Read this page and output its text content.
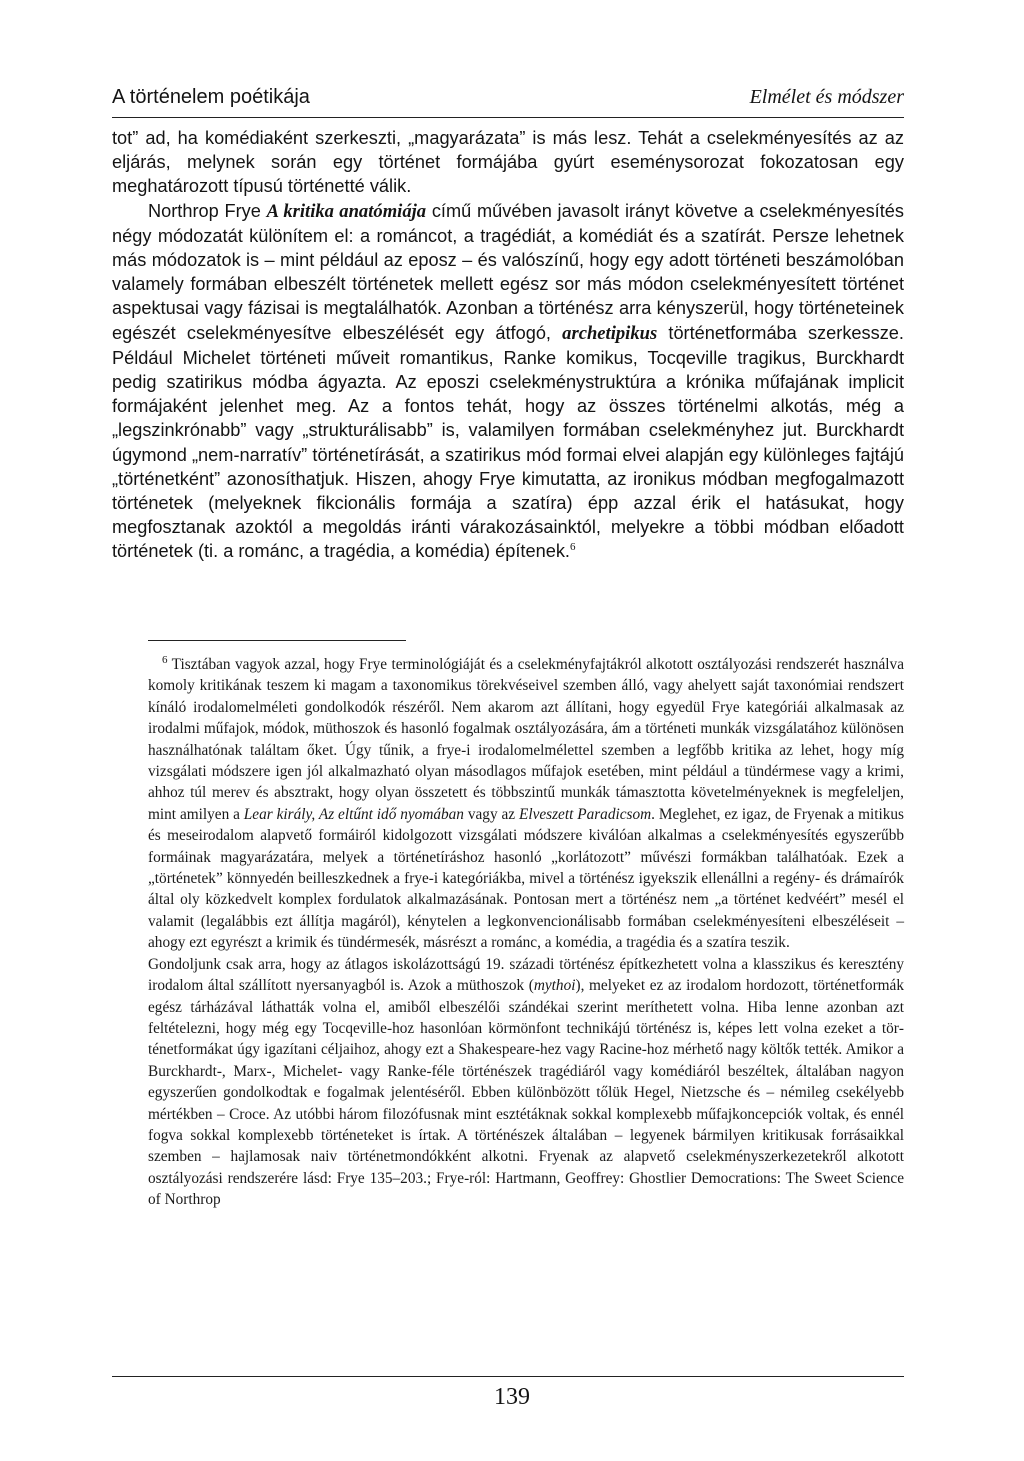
A történelem poétikája	Elmélet és módszer

tot” ad, ha komédiaként szerkeszti, „magyarázata” is más lesz. Tehát a cselekményesítés az az eljárás, melynek során egy történet formájába gyúrt eseménysorozat fokozatosan egy meghatározott típusú történetté válik.

Northrop Frye A kritika anatómiája című művében javasolt irányt követve a cselekményesítés négy módozatát különítem el: a románcot, a tragédiát, a komédiát és a szatírát. Persze lehetnek más módozatok is – mint például az eposz – és valószínű, hogy egy adott történeti beszámolóban valamely formában elbeszélt történetek mellett egész sor más módon cselekményesített történet aspektusai vagy fázisai is megtalálhatók. Azonban a történész arra kényszerül, hogy történeteinek egészét cselekményesítve elbeszélését egy átfogó, archetipikus történetformába szerkessze. Például Michelet történeti műveit romantikus, Ranke komikus, Tocqeville tragikus, Burckhardt pedig szatirikus módba ágyazta. Az eposzi cselekménystruktúra a krónika műfajának implicit formájaként jelenhet meg. Az a fontos tehát, hogy az összes történelmi alkotás, még a „legszinkrónabb” vagy „strukturálisabb” is, valamilyen formában cselekményhez jut. Burckhardt úgymond „nem-narratív” történetírását, a szatirikus mód formai elvei alapján egy különleges fajtájú „történetként” azonosíthatjuk. Hiszen, ahogy Frye kimutatta, az ironikus módban megfogalmazott történetek (melyeknek fikcionális formája a szatíra) épp azzal érik el hatásukat, hogy megfosztanak azoktól a megoldás iránti várakozásainktól, melyekre a többi módban előadott történetek (ti. a románc, a tragédia, a komédia) építenek.$^6$

$^6$ Tisztában vagyok azzal, hogy Frye terminológiáját és a cselekményfajtákról alkotott osztályozási rendszerét használva komoly kritikának teszem ki magam a taxonomikus törekvéseivel szemben álló, vagy ahelyett saját taxonómiai rendszert kínáló irodalomelméleti gondolkodók részéről. Nem akarom azt állítani, hogy egyedül Frye kategóriái alkalmasak az irodalmi műfajok, módok, müthoszok és hasonló fogalmak osztályozására, ám a történeti munkák vizsgálatához különösen használhatónak találtam őket. Úgy tűnik, a frye-i irodalomelmélettel szemben a legfőbb kritika az lehet, hogy míg vizsgálati módszere igen jól alkalmazható olyan másodlagos műfajok esetében, mint például a tündérmese vagy a krimi, ahhoz túl merev és absztrakt, hogy olyan összetett és többszintű munkák támasztotta követelményeknek is megfeleljen, mint amilyen a Lear király, Az eltűnt idő nyomában vagy az Elveszett Paradicsom. Meglehet, ez igaz, de Fryenak a mitikus és meseirodalom alapvető formáiról kidolgozott vizsgálati módszere kiválóan alkalmas a cselekményesítés egyszerűbb formáinak magyarázatára, melyek a történetíráshoz hasonló „korlátozott” művészi formákban találhatóak. Ezek a „történetek” könnyedén beilleszkednek a frye-i kategóriákba, mivel a történész igyekszik ellenállni a regény- és drámaírók által oly közkedvelt komplex fordulatok alkalmazásának. Pontosan mert a történész nem „a történet kedvéért” mesél el valamit (legalábbis ezt állítja magáról), kénytelen a legkonvencionálisabb formában cselekményesíteni elbeszéléseit – ahogy ezt egyrészt a krimik és tündérmesék, másrészt a románc, a komédia, a tragédia és a szatíra teszik.

Gondoljunk csak arra, hogy az átlagos iskolázottságú 19. századi történész építkezhetett volna a klasszikus és keresztény irodalom által szállított nyersanyagból is. Azok a müthoszok (mythoi), melyeket ez az irodalom hordozott, történetformák egész tárházával láthatták volna el, amiből elbeszélői szándékai szerint meríthetett volna. Hiba lenne azonban azt feltételezni, hogy még egy Tocqeville-hoz hasonlóan körmönfont technikájú történész is, képes lett volna ezeket a történetformákat úgy igazítani céljaihoz, ahogy ezt a Shakespeare-hez vagy Racine-hoz mérhető nagy költők tették. Amikor a Burckhardt-, Marx-, Michelet- vagy Ranke-féle történészek tragédiáról vagy komédiáról beszéltek, általában nagyon egyszerűen gondolkodtak e fogalmak jelentéséről. Ebben különbözött tőlük Hegel, Nietzsche és – némileg csekélyebb mértékben – Croce. Az utóbbi három filozófusnak mint esztétáknak sokkal komplexebb műfajkoncepciók voltak, és ennél fogva sokkal komplexebb történeteket is írtak. A történészek általában – legyenek bármilyen kritikusak forrásaikkal szemben – hajlamosak naiv történetmondókként alkotni. Fryenak az alapvető cselekményszerkezetekről alkotott osztályozási rendszerére lásd: Frye 135–203.; Frye-ról: Hartmann, Geoffrey: Ghostlier Democrations: The Sweet Science of Northrop

139
